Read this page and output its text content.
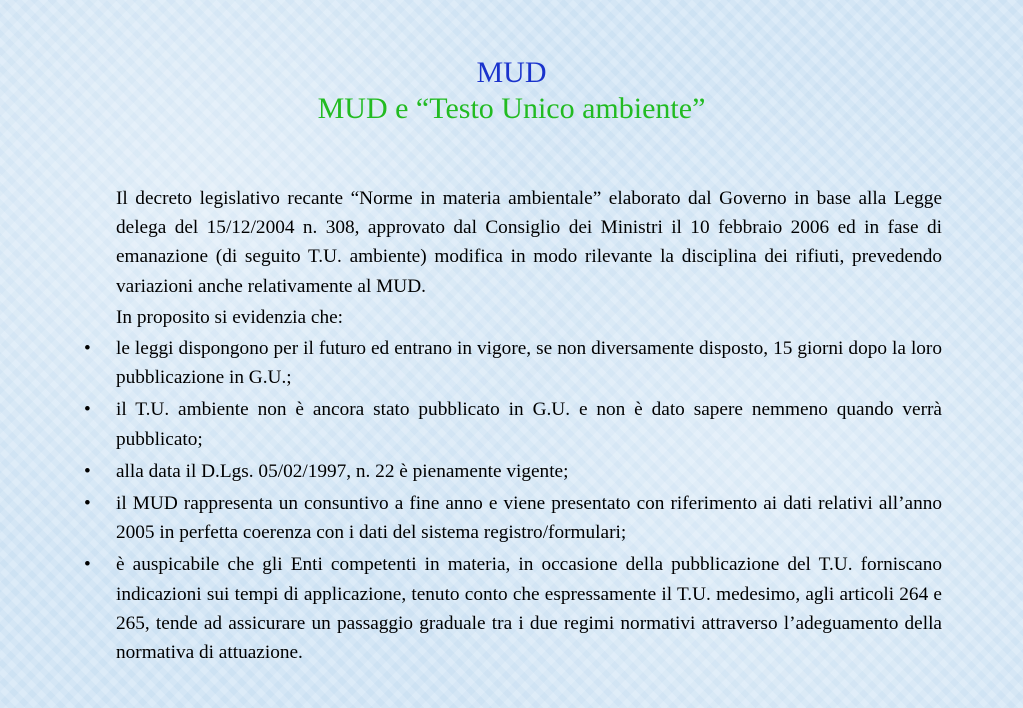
MUD
MUD e “Testo Unico ambiente”

Il decreto legislativo recante “Norme in materia ambientale” elaborato dal Governo in base alla Legge delega del 15/12/2004 n. 308, approvato dal Consiglio dei Ministri il 10 febbraio 2006 ed in fase di emanazione (di seguito T.U. ambiente) modifica in modo rilevante la disciplina dei rifiuti, prevedendo variazioni anche relativamente al MUD.

In proposito si evidenzia che:

•	le leggi dispongono per il futuro ed entrano in vigore, se non diversamente disposto, 15 giorni dopo la loro pubblicazione in G.U.;
•	il T.U. ambiente non è ancora stato pubblicato in G.U. e non è dato sapere nemmeno quando verrà pubblicato;
•	alla data il D.Lgs. 05/02/1997, n. 22 è pienamente vigente;
•	il MUD rappresenta un consuntivo a fine anno e viene presentato con riferimento ai dati relativi all’anno 2005 in perfetta coerenza con i dati del sistema registro/formulari;
•	è auspicabile che gli Enti competenti in materia, in occasione della pubblicazione del T.U. forniscano indicazioni sui tempi di applicazione, tenuto conto che espressamente il T.U. medesimo, agli articoli 264 e 265, tende ad assicurare un passaggio graduale tra i due regimi normativi attraverso l’adeguamento della normativa di attuazione.
